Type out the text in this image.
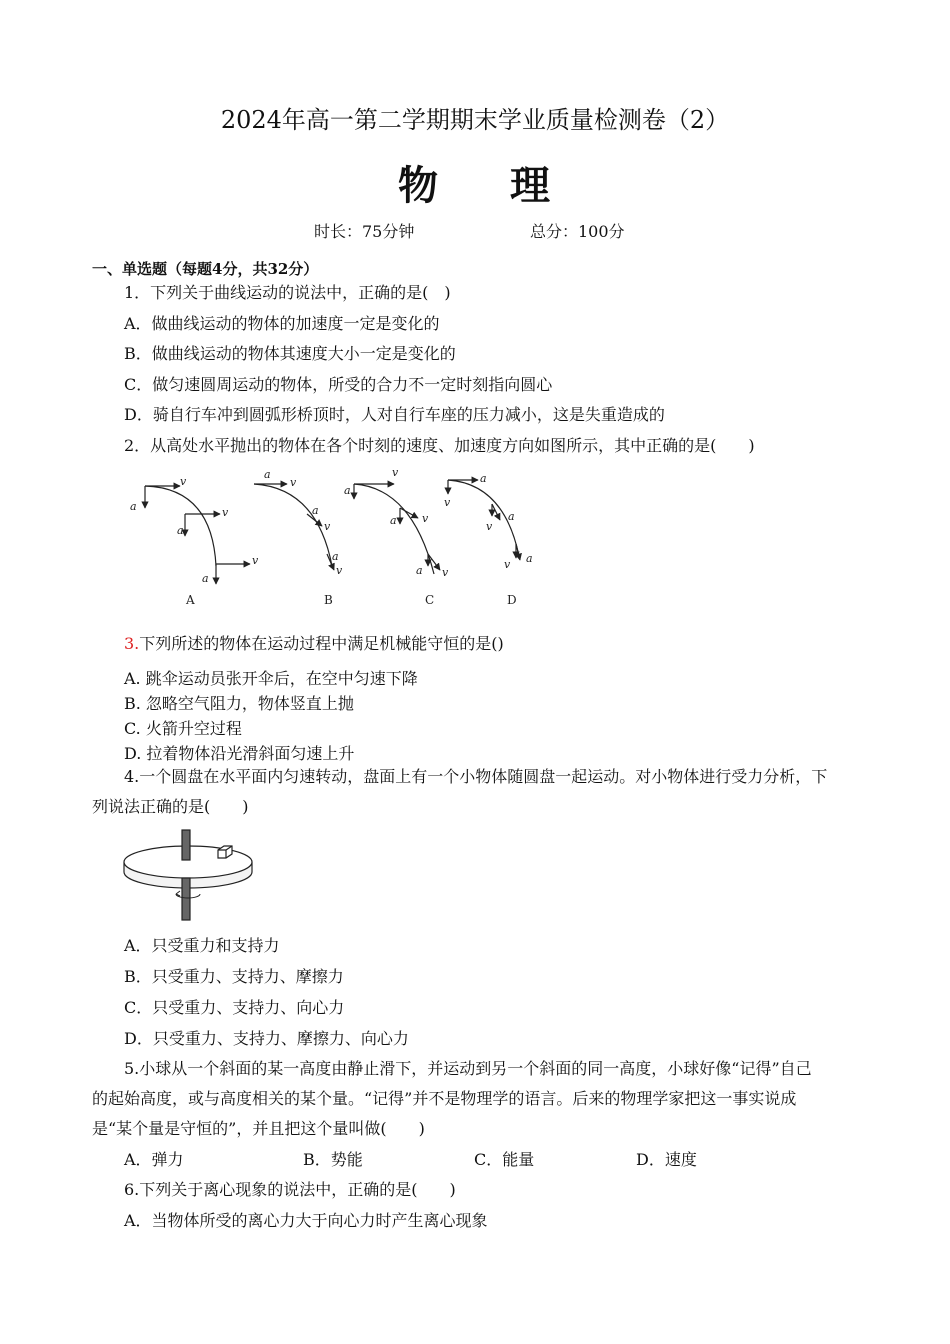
2024年高一第二学期期末学业质量检测卷（2）
物 理
时长：75分钟	总分：100分
一、单选题（每题4分，共32分）
1．下列关于曲线运动的说法中，正确的是(　)
A．做曲线运动的物体的加速度一定是变化的
B．做曲线运动的物体其速度大小一定是变化的
C．做匀速圆周运动的物体，所受的合力不一定时刻指向圆心
D．骑自行车冲到圆弧形桥顶时，人对自行车座的压力减小，这是失重造成的
2．从高处水平抛出的物体在各个时刻的速度、加速度方向如图所示，其中正确的是(　　)
v
a	v
a
v
a
a
v
a
v
a
v
v
a
a v
a v
a
v
a
v
a
v
A	B	C	D
3.下列所述的物体在运动过程中满足机械能守恒的是()
A. 跳伞运动员张开伞后，在空中匀速下降
B. 忽略空气阻力，物体竖直上抛
C. 火箭升空过程
D. 拉着物体沿光滑斜面匀速上升
4.一个圆盘在水平面内匀速转动，盘面上有一个小物体随圆盘一起运动。对小物体进行受力分析，下
列说法正确的是(　　)
A．只受重力和支持力
B．只受重力、支持力、摩擦力
C．只受重力、支持力、向心力
D．只受重力、支持力、摩擦力、向心力
5.小球从一个斜面的某一高度由静止滑下，并运动到另一个斜面的同一高度，小球好像“记得”自己
的起始高度，或与高度相关的某个量。“记得”并不是物理学的语言。后来的物理学家把这一事实说成
是“某个量是守恒的”，并且把这个量叫做(　　)
A．弹力	B．势能	C．能量	D．速度
6.下列关于离心现象的说法中，正确的是(　　)
A．当物体所受的离心力大于向心力时产生离心现象
